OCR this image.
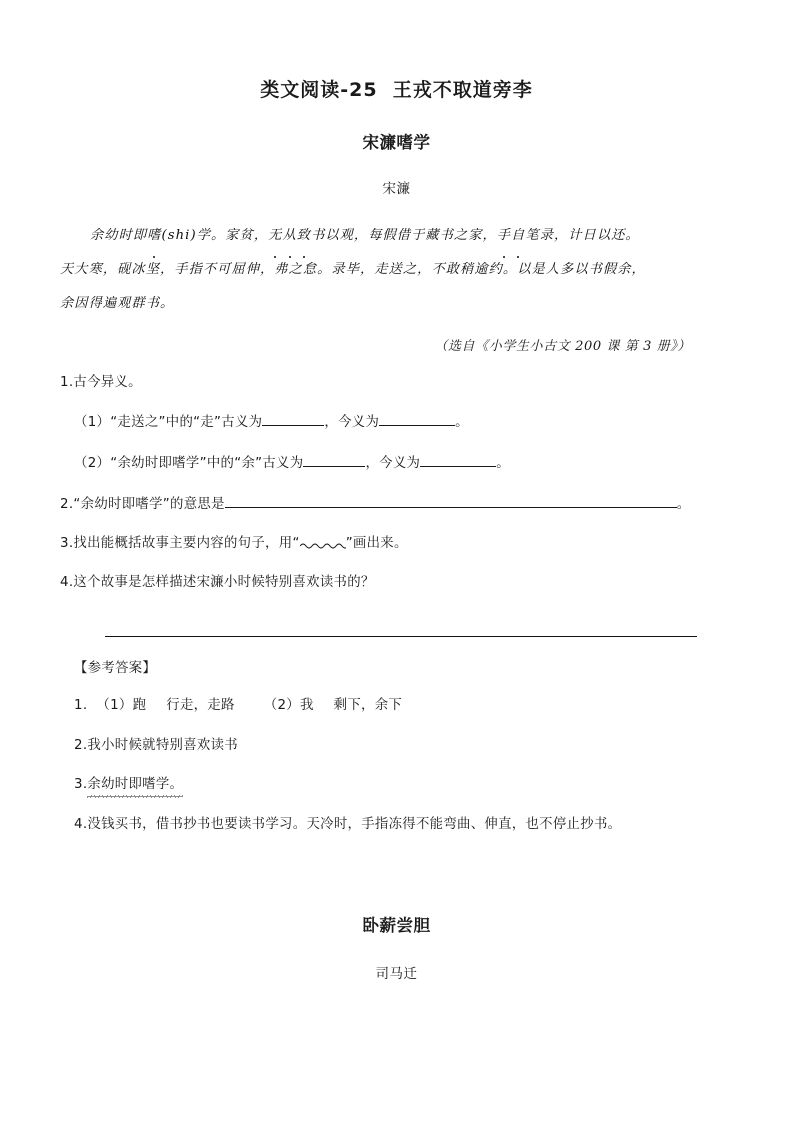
类文阅读-25  王戎不取道旁李
宋濂嗜学

宋濂

余幼时即嗜(shi)学。家贫，无从致书以观，每假借于藏书之家，手自笔录，计日以还。
天大寒，砚冰坚，手指不可屈伸，弗之怠。录毕，走送之，不敢稍逾约。以是人多以书假余，
余因得遍观群书。

（选自《小学生小古文 200 课 第 3 册》）

1.古今异义。

（1）“走送之”中的“走”古义为	，今义为	。

（2）“余幼时即嗜学”中的“余”古义为	，今义为	。

2.“余幼时即嗜学”的意思是	。

3.找出能概括故事主要内容的句子，用“	”画出来。

4.这个故事是怎样描述宋濂小时候特别喜欢读书的？

【参考答案】

1. （1）跑 行走，走路 （2）我 剩下，余下

2.我小时候就特别喜欢读书

3.余幼时即嗜学。

4.没钱买书，借书抄书也要读书学习。天冷时，手指冻得不能弯曲、伸直，也不停止抄书。

卧薪尝胆

司马迁
